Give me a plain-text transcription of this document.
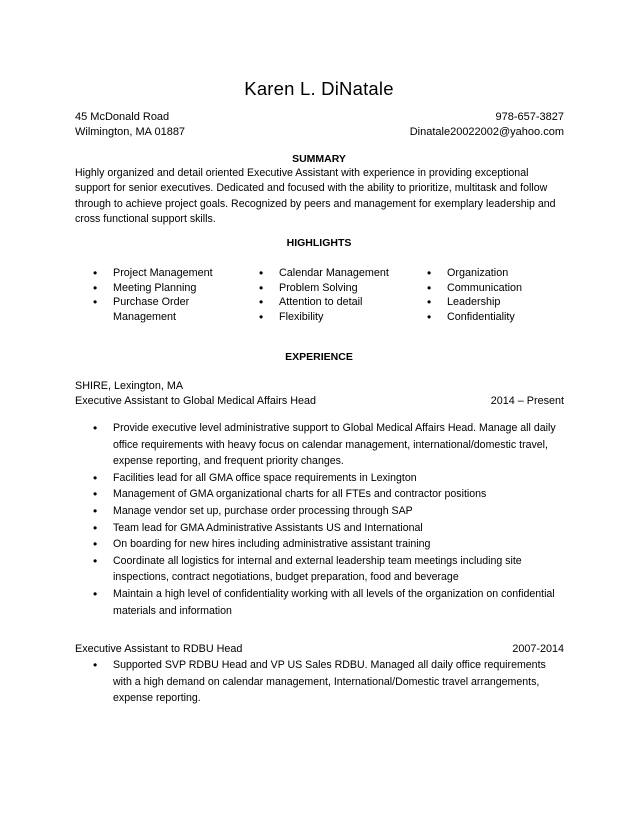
Karen L. DiNatale
45 McDonald Road	978-657-3827
Wilmington, MA 01887	Dinatale20022002@yahoo.com
SUMMARY
Highly organized and detail oriented Executive Assistant with experience in providing exceptional
support for senior executives. Dedicated and focused with the ability to prioritize, multitask and follow
through to achieve project goals. Recognized by peers and management for exemplary leadership and
cross functional support skills.
HIGHLIGHTS
• Project Management
• Meeting Planning
• Purchase Order Management
• Calendar Management
• Problem Solving
• Attention to detail
• Flexibility
• Organization
• Communication
• Leadership
• Confidentiality
EXPERIENCE
SHIRE, Lexington, MA
Executive Assistant to Global Medical Affairs Head	2014 – Present
• Provide executive level administrative support to Global Medical Affairs Head. Manage all daily office requirements with heavy focus on calendar management, international/domestic travel, expense reporting, and frequent priority changes.
• Facilities lead for all GMA office space requirements in Lexington
• Management of GMA organizational charts for all FTEs and contractor positions
• Manage vendor set up, purchase order processing through SAP
• Team lead for GMA Administrative Assistants US and International
• On boarding for new hires including administrative assistant training
• Coordinate all logistics for internal and external leadership team meetings including site inspections, contract negotiations, budget preparation, food and beverage
• Maintain a high level of confidentiality working with all levels of the organization on confidential materials and information
Executive Assistant to RDBU Head	2007-2014
• Supported SVP RDBU Head and VP US Sales RDBU. Managed all daily office requirements with a high demand on calendar management, International/Domestic travel arrangements, expense reporting.
